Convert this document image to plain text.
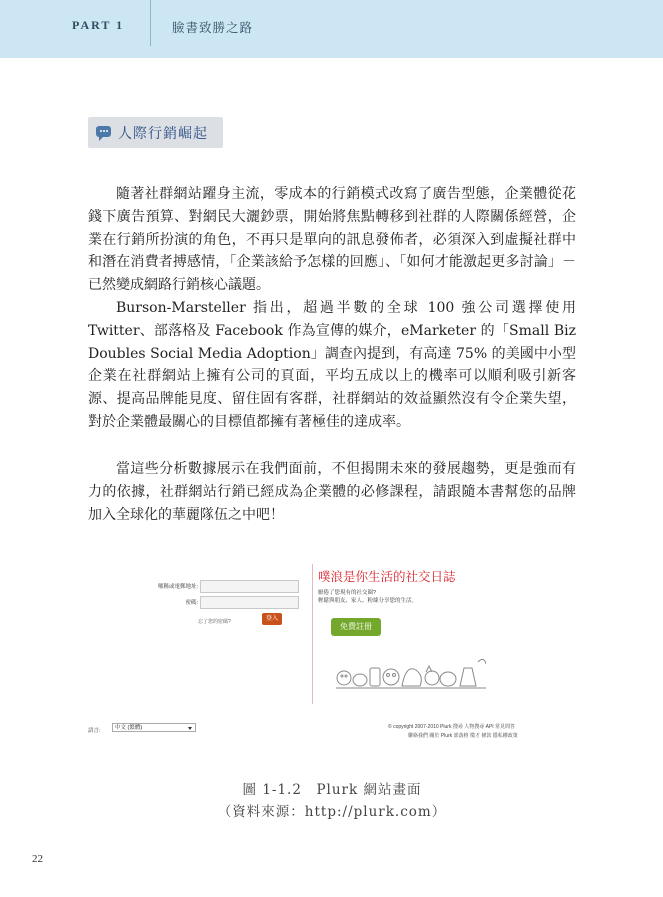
PART 1	臉書致勝之路
人際行銷崛起

隨著社群網站躍身主流，零成本的行銷模式改寫了廣告型態，企業體從花錢下廣告預算、對網民大灑鈔票，開始將焦點轉移到社群的人際關係經營，企業在行銷所扮演的角色，不再只是單向的訊息發佈者，必須深入到虛擬社群中和潛在消費者搏感情，「企業該給予怎樣的回應」、「如何才能激起更多討論」－已然變成網路行銷核心議題。

Burson-Marsteller 指出，超過半數的全球 100 強公司選擇使用 Twitter、部落格及 Facebook 作為宣傳的媒介，eMarketer 的「Small Biz Doubles Social Media Adoption」調查內提到，有高達 75% 的美國中小型企業在社群網站上擁有公司的頁面，平均五成以上的機率可以順利吸引新客源、提高品牌能見度、留住固有客群，社群網站的效益顯然沒有令企業失望，對於企業體最關心的目標值都擁有著極佳的達成率。

當這些分析數據展示在我們面前，不但揭開未來的發展趨勢，更是強而有力的依據，社群網站行銷已經成為企業體的必修課程，請跟隨本書幫您的品牌加入全球化的華麗隊伍之中吧！

暱稱或電郵地址:
密碼:
忘了您的密碼?	登入
噗浪是你生活的社交日誌
厭倦了您現有的社交圈?
輕鬆與朋友、家人、粉絲分享您的生活。
免費註冊
語言:	中文 (繁體)	© copyright 2007-2010 Plurk 搜尋 人物搜尋 API 常見問答
聯絡我們 關於 Plurk 部落格 徵才 條款 隱私權政策

圖 1-1.2　Plurk 網站畫面

（資料來源：http://plurk.com）

22
